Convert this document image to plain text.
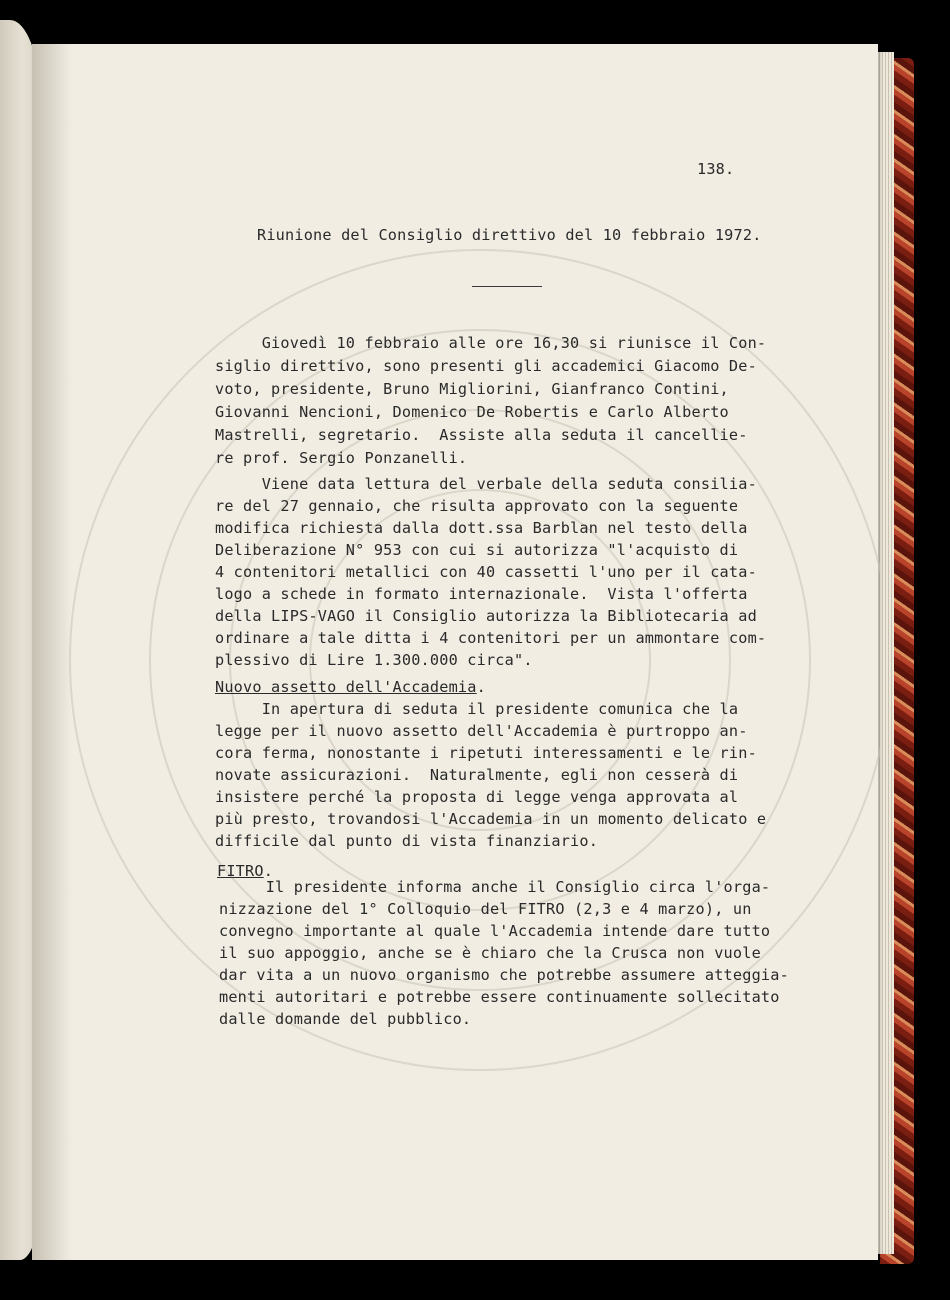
138.
Riunione del Consiglio direttivo del 10 febbraio 1972.

Giovedì 10 febbraio alle ore 16,30 si riunisce il Con-

siglio direttivo, sono presenti gli accademici Giacomo De-

voto, presidente, Bruno Migliorini, Gianfranco Contini,

Giovanni Nencioni, Domenico De Robertis e Carlo Alberto

Mastrelli, segretario.  Assiste alla seduta il cancellie-

re prof. Sergio Ponzanelli.

Viene data lettura del verbale della seduta consilia-

re del 27 gennaio, che risulta approvato con la seguente

modifica richiesta dalla dott.ssa Barblan nel testo della

Deliberazione N° 953 con cui si autorizza "l'acquisto di

4 contenitori metallici con 40 cassetti l'uno per il cata-

logo a schede in formato internazionale.  Vista l'offerta

della LIPS-VAGO il Consiglio autorizza la Bibliotecaria ad

ordinare a tale ditta i 4 contenitori per un ammontare com-

plessivo di Lire 1.300.000 circa".

Nuovo assetto dell'Accademia.

In apertura di seduta il presidente comunica che la

legge per il nuovo assetto dell'Accademia è purtroppo an-

cora ferma, nonostante i ripetuti interessamenti e le rin-

novate assicurazioni.  Naturalmente, egli non cesserà di

insistere perché la proposta di legge venga approvata al

più presto, trovandosi l'Accademia in un momento delicato e

difficile dal punto di vista finanziario.

FITRO.

Il presidente informa anche il Consiglio circa l'orga-

nizzazione del 1° Colloquio del FITRO (2,3 e 4 marzo), un

convegno importante al quale l'Accademia intende dare tutto

il suo appoggio, anche se è chiaro che la Crusca non vuole

dar vita a un nuovo organismo che potrebbe assumere atteggia-

menti autoritari e potrebbe essere continuamente sollecitato

dalle domande del pubblico.
